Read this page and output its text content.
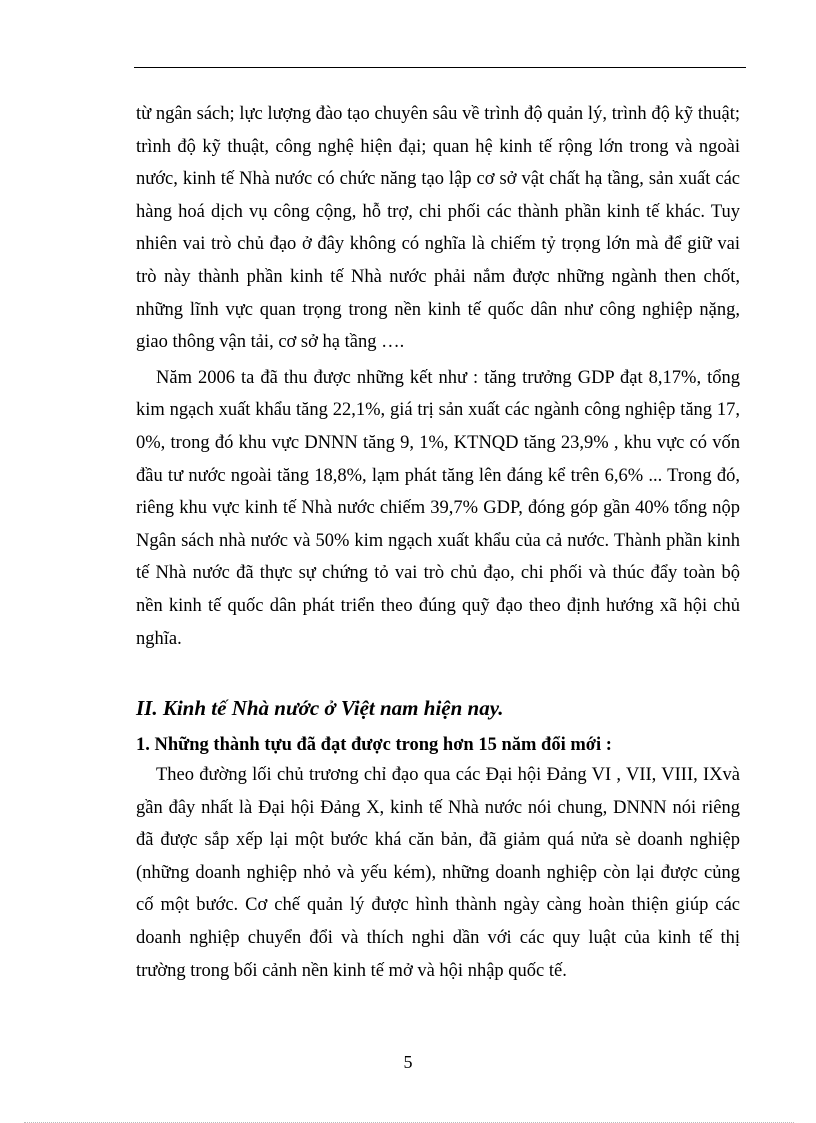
từ ngân sách; lực lượng đào tạo chuyên sâu về trình độ quản lý, trình độ kỹ thuật; trình độ kỹ thuật, công nghệ hiện đại; quan hệ kinh tế rộng lớn trong và ngoài nước, kinh tế Nhà nước có chức năng tạo lập cơ sở vật chất hạ tầng, sản xuất các hàng hoá dịch vụ công cộng, hỗ trợ, chi phối các thành phần kinh tế khác. Tuy nhiên vai trò chủ đạo ở đây không có nghĩa là chiếm tỷ trọng lớn mà để giữ vai trò này thành phần kinh tế Nhà nước phải nắm được những ngành then chốt, những lĩnh vực quan trọng trong nền kinh tế quốc dân như công nghiệp nặng, giao thông vận tải, cơ sở hạ tầng ….

Năm 2006 ta đã thu được những kết như : tăng trưởng GDP đạt 8,17%, tổng kim ngạch xuất khẩu tăng 22,1%, giá trị sản xuất các ngành công nghiệp tăng 17, 0%, trong đó khu vực DNNN tăng 9, 1%, KTNQD tăng 23,9% , khu vực có vốn đầu tư nước ngoài tăng 18,8%, lạm phát tăng lên đáng kể trên 6,6% ... Trong đó, riêng khu vực kinh tế Nhà nước chiếm 39,7% GDP, đóng góp gần 40% tổng nộp Ngân sách nhà nước và 50% kim ngạch xuất khẩu của cả nước. Thành phần kinh tế Nhà nước đã thực sự chứng tỏ vai trò chủ đạo, chi phối và thúc đẩy toàn bộ nền kinh tế quốc dân phát triển theo đúng quỹ đạo theo định hướng xã hội chủ nghĩa.

II. Kinh tế Nhà nước ở Việt nam hiện nay.
1. Những thành tựu đã đạt được trong hơn 15 năm đổi mới :

Theo đường lối chủ trương chỉ đạo qua các Đại hội Đảng VI , VII, VIII, IXvà gần đây nhất là Đại hội Đảng X, kinh tế Nhà nước nói chung, DNNN nói riêng đã được sắp xếp lại một bước khá căn bản, đã giảm quá nửa sè doanh nghiệp (những doanh nghiệp nhỏ và yếu kém), những doanh nghiệp còn lại được củng cố một bước. Cơ chế quản lý được hình thành ngày càng hoàn thiện giúp các doanh nghiệp chuyển đổi và thích nghi dần với các quy luật của kinh tế thị trường trong bối cảnh nền kinh tế mở và hội nhập quốc tế.

5
